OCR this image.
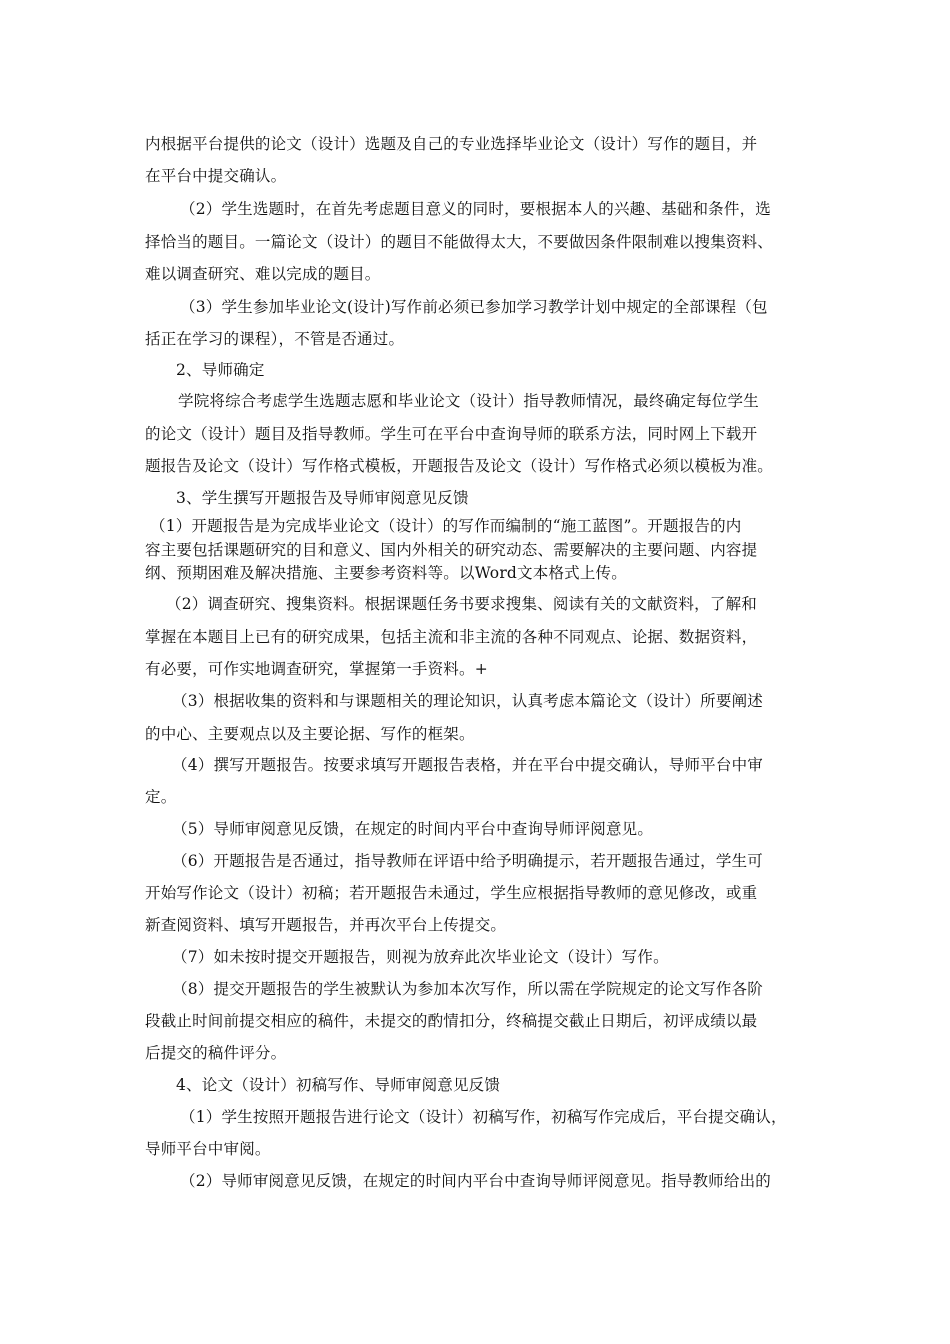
内根据平台提供的论文（设计）选题及自己的专业选择毕业论文（设计）写作的题目，并
在平台中提交确认。
（2）学生选题时，在首先考虑题目意义的同时，要根据本人的兴趣、基础和条件，选
择恰当的题目。一篇论文（设计）的题目不能做得太大，不要做因条件限制难以搜集资料、
难以调查研究、难以完成的题目。
（3）学生参加毕业论文(设计)写作前必须已参加学习教学计划中规定的全部课程（包
括正在学习的课程），不管是否通过。
2、导师确定
学院将综合考虑学生选题志愿和毕业论文（设计）指导教师情况，最终确定每位学生
的论文（设计）题目及指导教师。学生可在平台中查询导师的联系方法，同时网上下载开
题报告及论文（设计）写作格式模板，开题报告及论文（设计）写作格式必须以模板为准。
3、学生撰写开题报告及导师审阅意见反馈
（1）开题报告是为完成毕业论文（设计）的写作而编制的“施工蓝图”。开题报告的内
容主要包括课题研究的目和意义、国内外相关的研究动态、需要解决的主要问题、内容提
纲、预期困难及解决措施、主要参考资料等。以Word文本格式上传。
（2）调查研究、搜集资料。根据课题任务书要求搜集、阅读有关的文献资料，了解和
掌握在本题目上已有的研究成果，包括主流和非主流的各种不同观点、论据、数据资料，
有必要，可作实地调查研究，掌握第一手资料。+
（3）根据收集的资料和与课题相关的理论知识，认真考虑本篇论文（设计）所要阐述
的中心、主要观点以及主要论据、写作的框架。
（4）撰写开题报告。按要求填写开题报告表格，并在平台中提交确认，导师平台中审
定。
（5）导师审阅意见反馈，在规定的时间内平台中查询导师评阅意见。
（6）开题报告是否通过，指导教师在评语中给予明确提示，若开题报告通过，学生可
开始写作论文（设计）初稿；若开题报告未通过，学生应根据指导教师的意见修改，或重
新查阅资料、填写开题报告，并再次平台上传提交。
（7）如未按时提交开题报告，则视为放弃此次毕业论文（设计）写作。
（8）提交开题报告的学生被默认为参加本次写作，所以需在学院规定的论文写作各阶
段截止时间前提交相应的稿件，未提交的酌情扣分，终稿提交截止日期后，初评成绩以最
后提交的稿件评分。
4、论文（设计）初稿写作、导师审阅意见反馈
（1）学生按照开题报告进行论文（设计）初稿写作，初稿写作完成后，平台提交确认，
导师平台中审阅。
（2）导师审阅意见反馈，在规定的时间内平台中查询导师评阅意见。指导教师给出的
